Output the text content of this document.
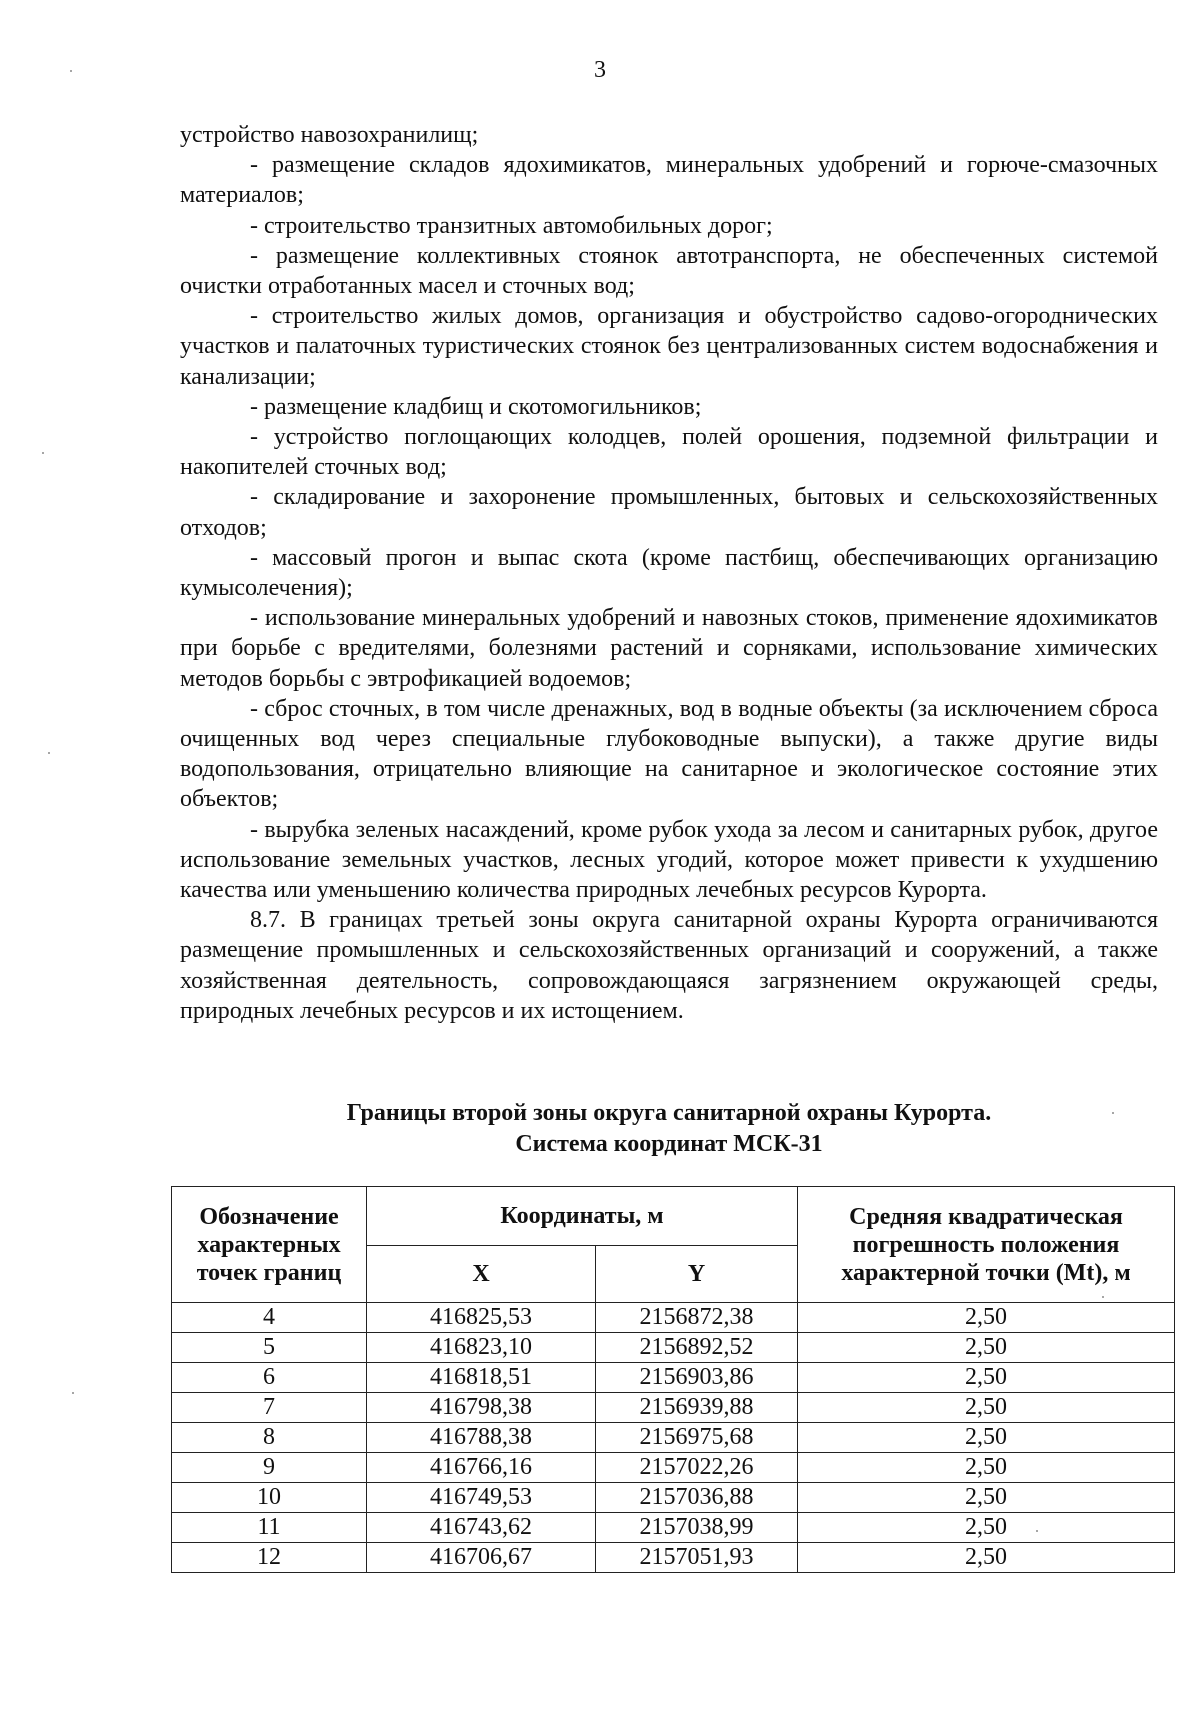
3

устройство навозохранилищ;

- размещение складов ядохимикатов, минеральных удобрений и горюче-смазочных материалов;

- строительство транзитных автомобильных дорог;

- размещение коллективных стоянок автотранспорта, не обеспеченных системой очистки отработанных масел и сточных вод;

- строительство жилых домов, организация и обустройство садово-огороднических участков и палаточных туристических стоянок без централизованных систем водоснабжения и канализации;

- размещение кладбищ и скотомогильников;

- устройство поглощающих колодцев, полей орошения, подземной фильтрации и накопителей сточных вод;

- складирование и захоронение промышленных, бытовых и сельскохозяйственных отходов;

- массовый прогон и выпас скота (кроме пастбищ, обеспечивающих организацию кумысолечения);

- использование минеральных удобрений и навозных стоков, применение ядохимикатов при борьбе с вредителями, болезнями растений и сорняками, использование химических методов борьбы с эвтрофикацией водоемов;

- сброс сточных, в том числе дренажных, вод в водные объекты (за исключением сброса очищенных вод через специальные глубоководные выпуски), а также другие виды водопользования, отрицательно влияющие на санитарное и экологическое состояние этих объектов;

- вырубка зеленых насаждений, кроме рубок ухода за лесом и санитарных рубок, другое использование земельных участков, лесных угодий, которое может привести к ухудшению качества или уменьшению количества природных лечебных ресурсов Курорта.

8.7. В границах третьей зоны округа санитарной охраны Курорта ограничиваются размещение промышленных и сельскохозяйственных организаций и сооружений, а также хозяйственная деятельность, сопровождающаяся загрязнением окружающей среды, природных лечебных ресурсов и их истощением.

Границы второй зоны округа санитарной охраны Курорта.
Система координат МСК-31
Обозначение характерных точек границ	Координаты, м		Средняя квадратическая погрешность положения характерной точки (Mt), м
	X	Y	
4	416825,53	2156872,38	2,50
5	416823,10	2156892,52	2,50
6	416818,51	2156903,86	2,50
7	416798,38	2156939,88	2,50
8	416788,38	2156975,68	2,50
9	416766,16	2157022,26	2,50
10	416749,53	2157036,88	2,50
11	416743,62	2157038,99	2,50
12	416706,67	2157051,93	2,50
